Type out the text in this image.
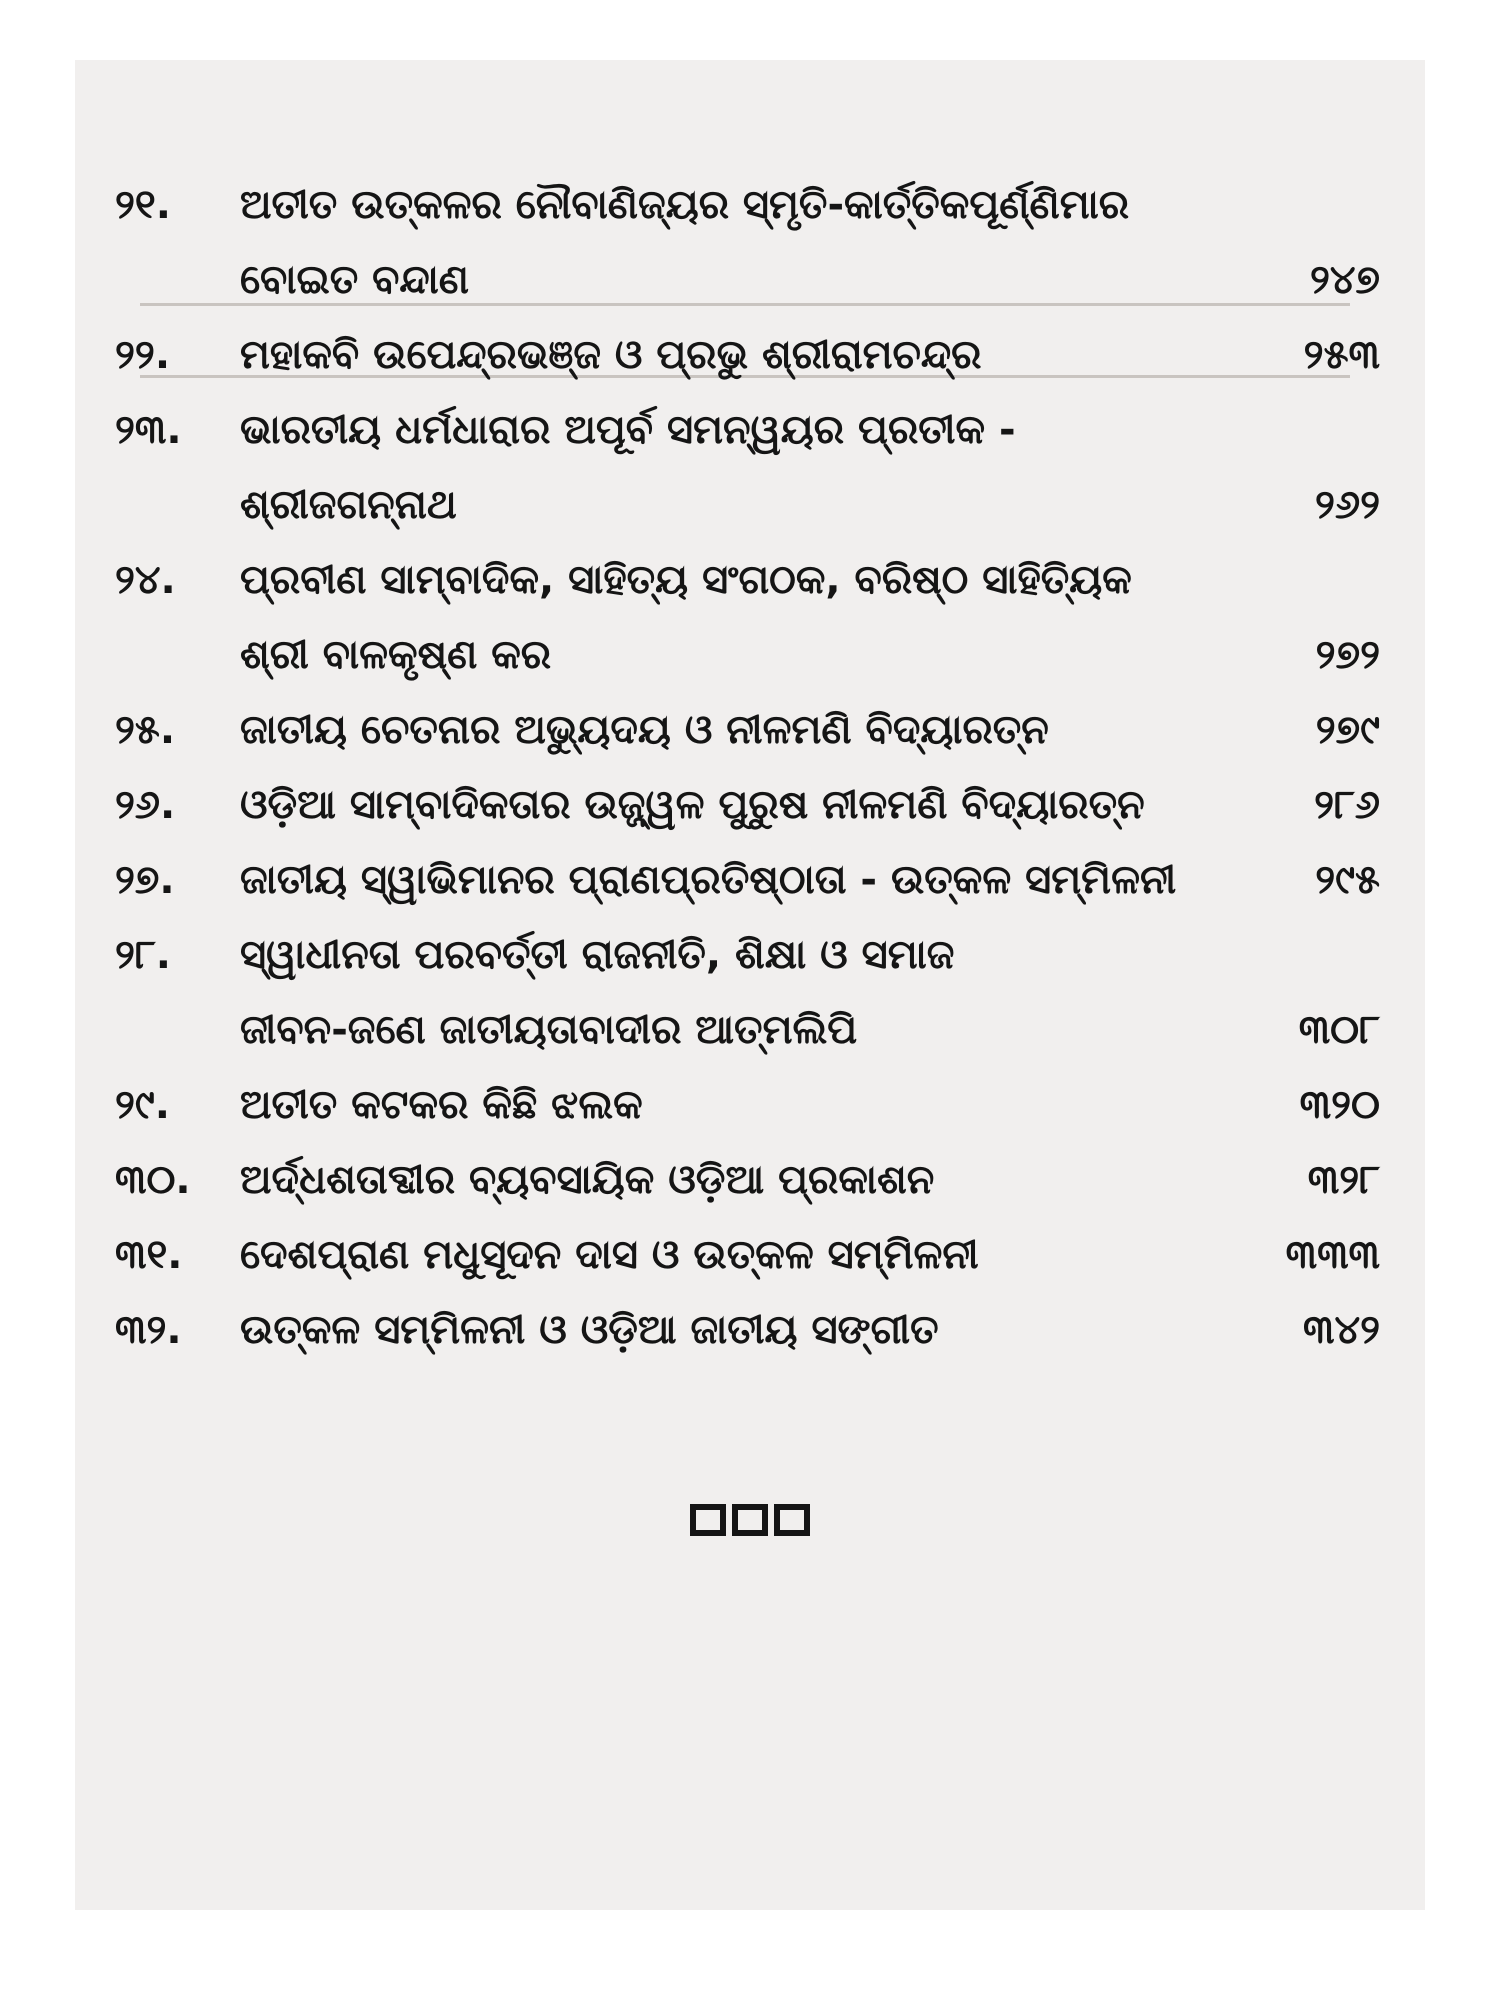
୨୧.	ଅତୀତ ଉତ୍କଳର ନୌବାଣିଜ୍ୟର ସ୍ମୃତି-କାର୍ତ୍ତିକପୂର୍ଣ୍ଣିମାର
ବୋଇତ ବନ୍ଦାଣ	୨୪୭
୨୨.	ମହାକବି ଉପେନ୍ଦ୍ରଭଞ୍ଜ ଓ ପ୍ରଭୁ ଶ୍ରୀରାମଚନ୍ଦ୍ର	୨୫୩
୨୩.	ଭାରତୀୟ ଧର୍ମଧାରାର ଅପୂର୍ବ ସମନ୍ୱୟର ପ୍ରତୀକ -
ଶ୍ରୀଜଗନ୍ନାଥ	୨୬୨
୨୪.	ପ୍ରବୀଣ ସାମ୍ବାଦିକ, ସାହିତ୍ୟ ସଂଗଠକ, ବରିଷ୍ଠ ସାହିତ୍ୟିକ
ଶ୍ରୀ ବାଳକୃଷ୍ଣ କର	୨୭୨
୨୫.	ଜାତୀୟ ଚେତନାର ଅଭ୍ୟୁଦୟ ଓ ନୀଳମଣି ବିଦ୍ୟାରତ୍ନ	୨୭୯
୨୬.	ଓଡ଼ିଆ ସାମ୍ବାଦିକତାର ଉଜ୍ଜ୍ୱଳ ପୁରୁଷ ନୀଳମଣି ବିଦ୍ୟାରତ୍ନ	୨୮୬
୨୭.	ଜାତୀୟ ସ୍ୱାଭିମାନର ପ୍ରାଣପ୍ରତିଷ୍ଠାତା - ଉତ୍କଳ ସମ୍ମିଳନୀ	୨୯୫
୨୮.	ସ୍ୱାଧୀନତା ପରବର୍ତ୍ତୀ ରାଜନୀତି, ଶିକ୍ଷା ଓ ସମାଜ
ଜୀବନ-ଜଣେ ଜାତୀୟତାବାଦୀର ଆତ୍ମଲିପି	୩୦୮
୨୯.	ଅତୀତ କଟକର କିଛି ଝଲକ	୩୨୦
୩୦.	ଅର୍ଦ୍ଧଶତାବ୍ଦୀର ବ୍ୟବସାୟିକ ଓଡ଼ିଆ ପ୍ରକାଶନ	୩୨୮
୩୧.	ଦେଶପ୍ରାଣ ମଧୁସୂଦନ ଦାସ ଓ ଉତ୍କଳ ସମ୍ମିଳନୀ	୩୩୩
୩୨.	ଉତ୍କଳ ସମ୍ମିଳନୀ ଓ ଓଡ଼ିଆ ଜାତୀୟ ସଙ୍ଗୀତ	୩୪୨
